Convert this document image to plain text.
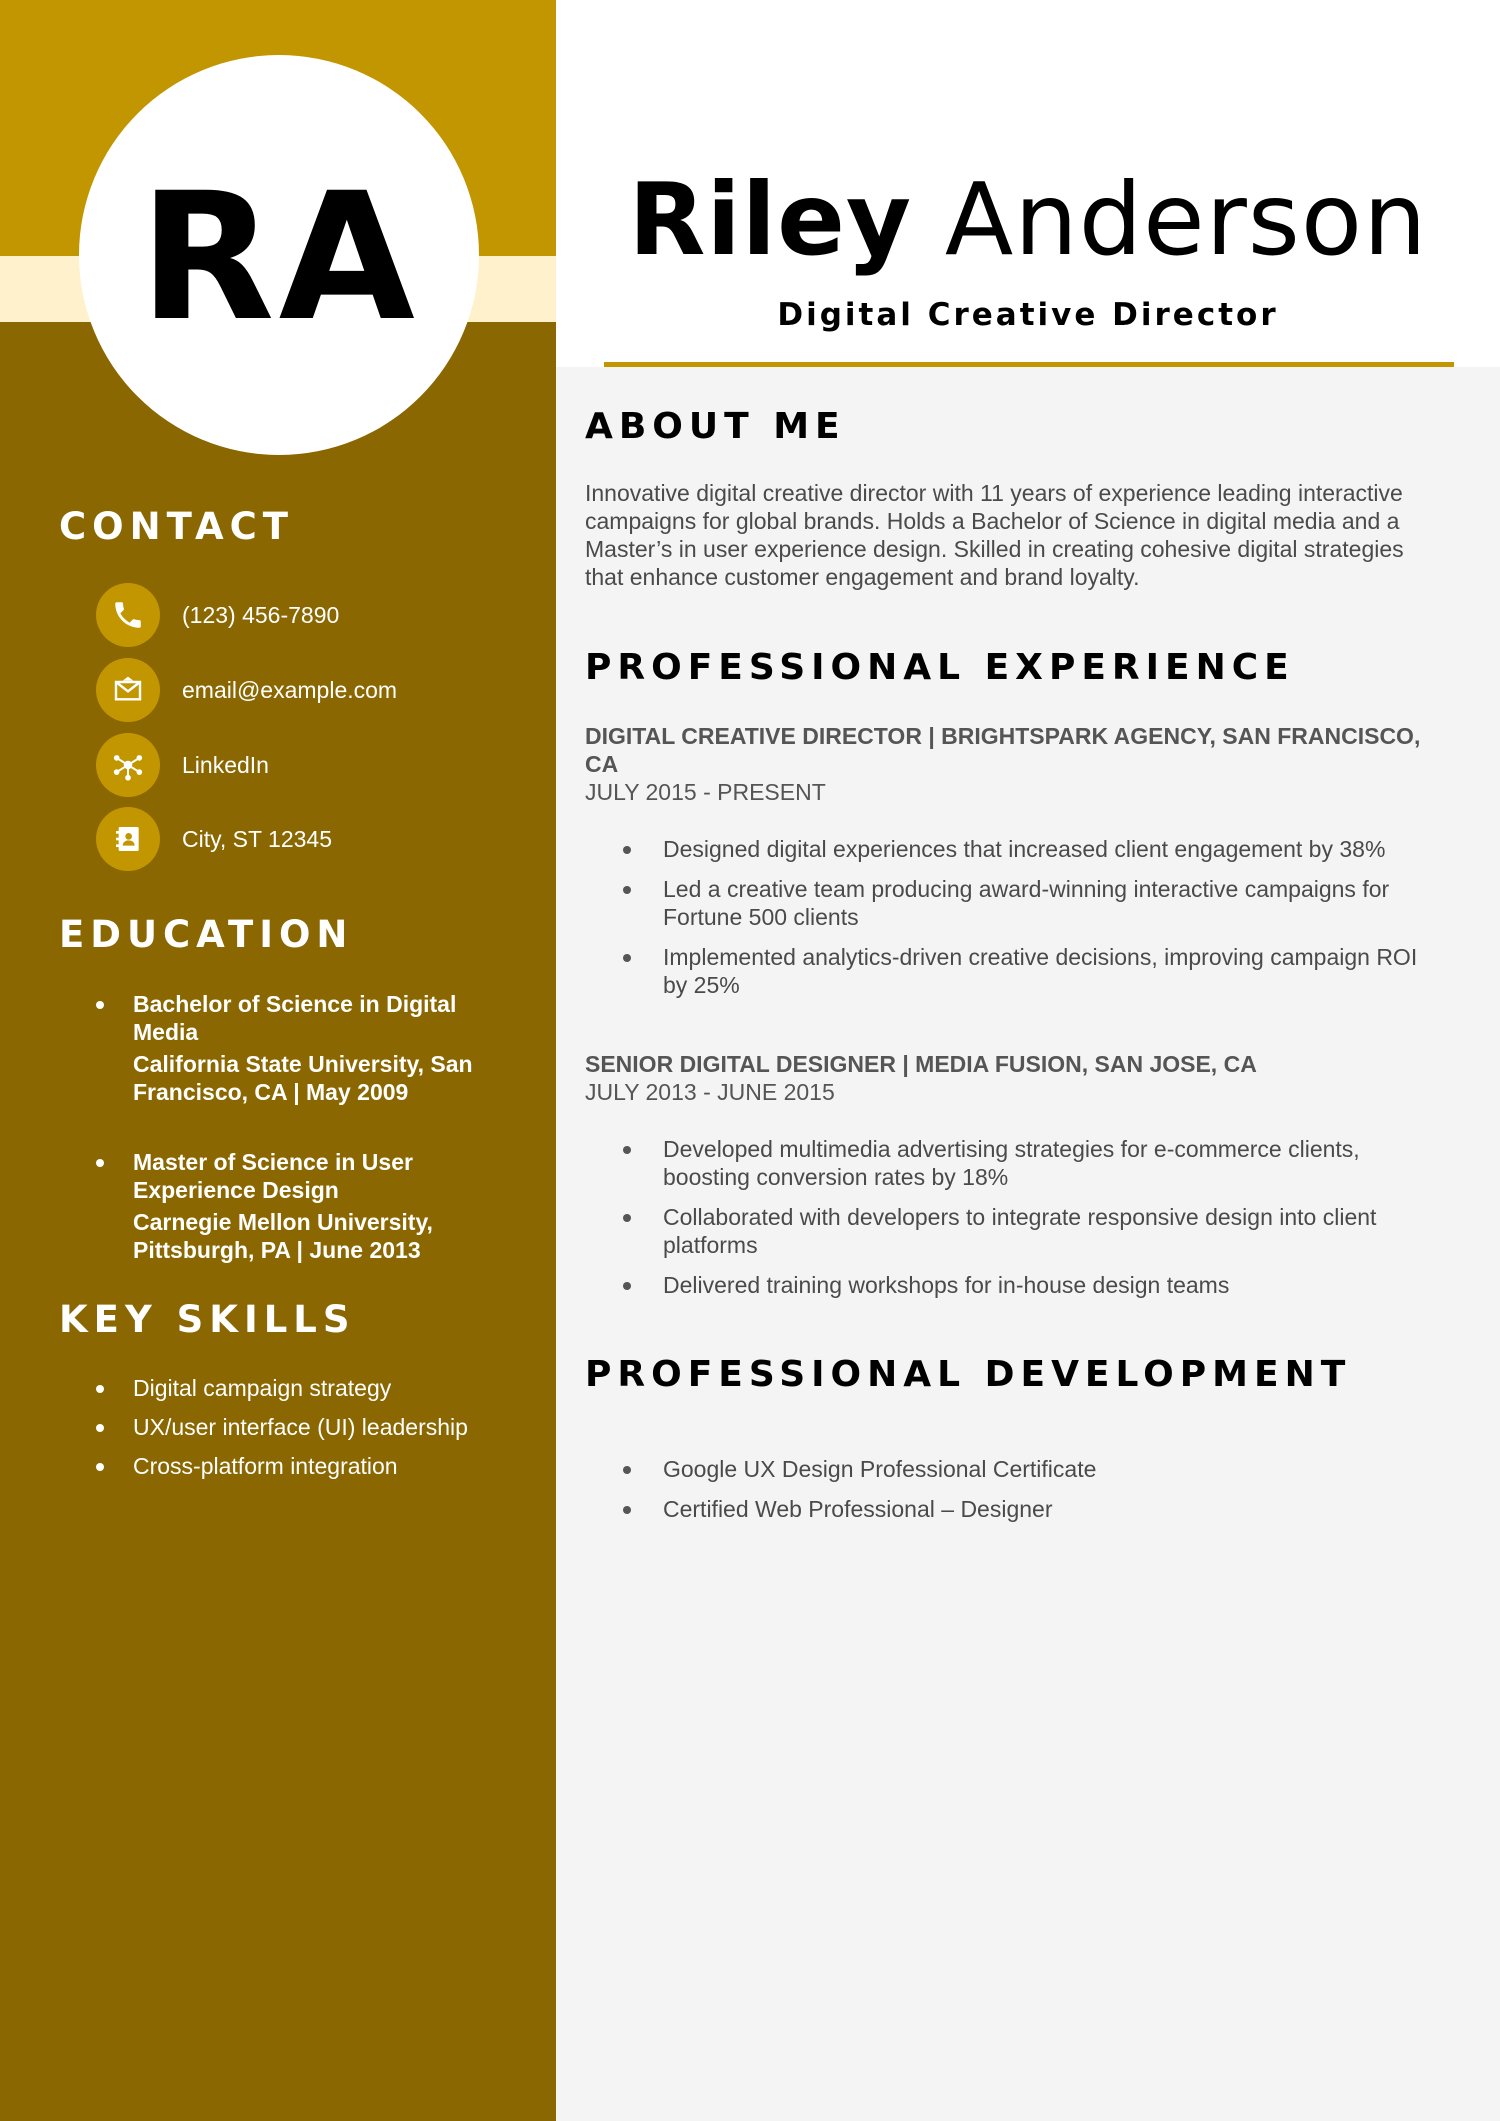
RA
CONTACT
(123) 456-7890
email@example.com
LinkedIn
City, ST 12345
EDUCATION
Bachelor of Science in Digital Media
California State University, San Francisco, CA | May 2009
Master of Science in User Experience Design
Carnegie Mellon University, Pittsburgh, PA | June 2013
KEY SKILLS
Digital campaign strategy
UX/user interface (UI) leadership
Cross-platform integration
Riley Anderson
Digital Creative Director
ABOUT ME

Innovative digital creative director with 11 years of experience leading interactive campaigns for global brands. Holds a Bachelor of Science in digital media and a Master’s in user experience design. Skilled in creating cohesive digital strategies that enhance customer engagement and brand loyalty.

PROFESSIONAL EXPERIENCE
DIGITAL CREATIVE DIRECTOR | BRIGHTSPARK AGENCY, SAN FRANCISCO, CA
JULY 2015 - PRESENT
Designed digital experiences that increased client engagement by 38%
Led a creative team producing award-winning interactive campaigns for Fortune 500 clients
Implemented analytics-driven creative decisions, improving campaign ROI by 25%
SENIOR DIGITAL DESIGNER | MEDIA FUSION, SAN JOSE, CA
JULY 2013 - JUNE 2015
Developed multimedia advertising strategies for e-commerce clients, boosting conversion rates by 18%
Collaborated with developers to integrate responsive design into client platforms
Delivered training workshops for in-house design teams
PROFESSIONAL DEVELOPMENT
Google UX Design Professional Certificate
Certified Web Professional – Designer
